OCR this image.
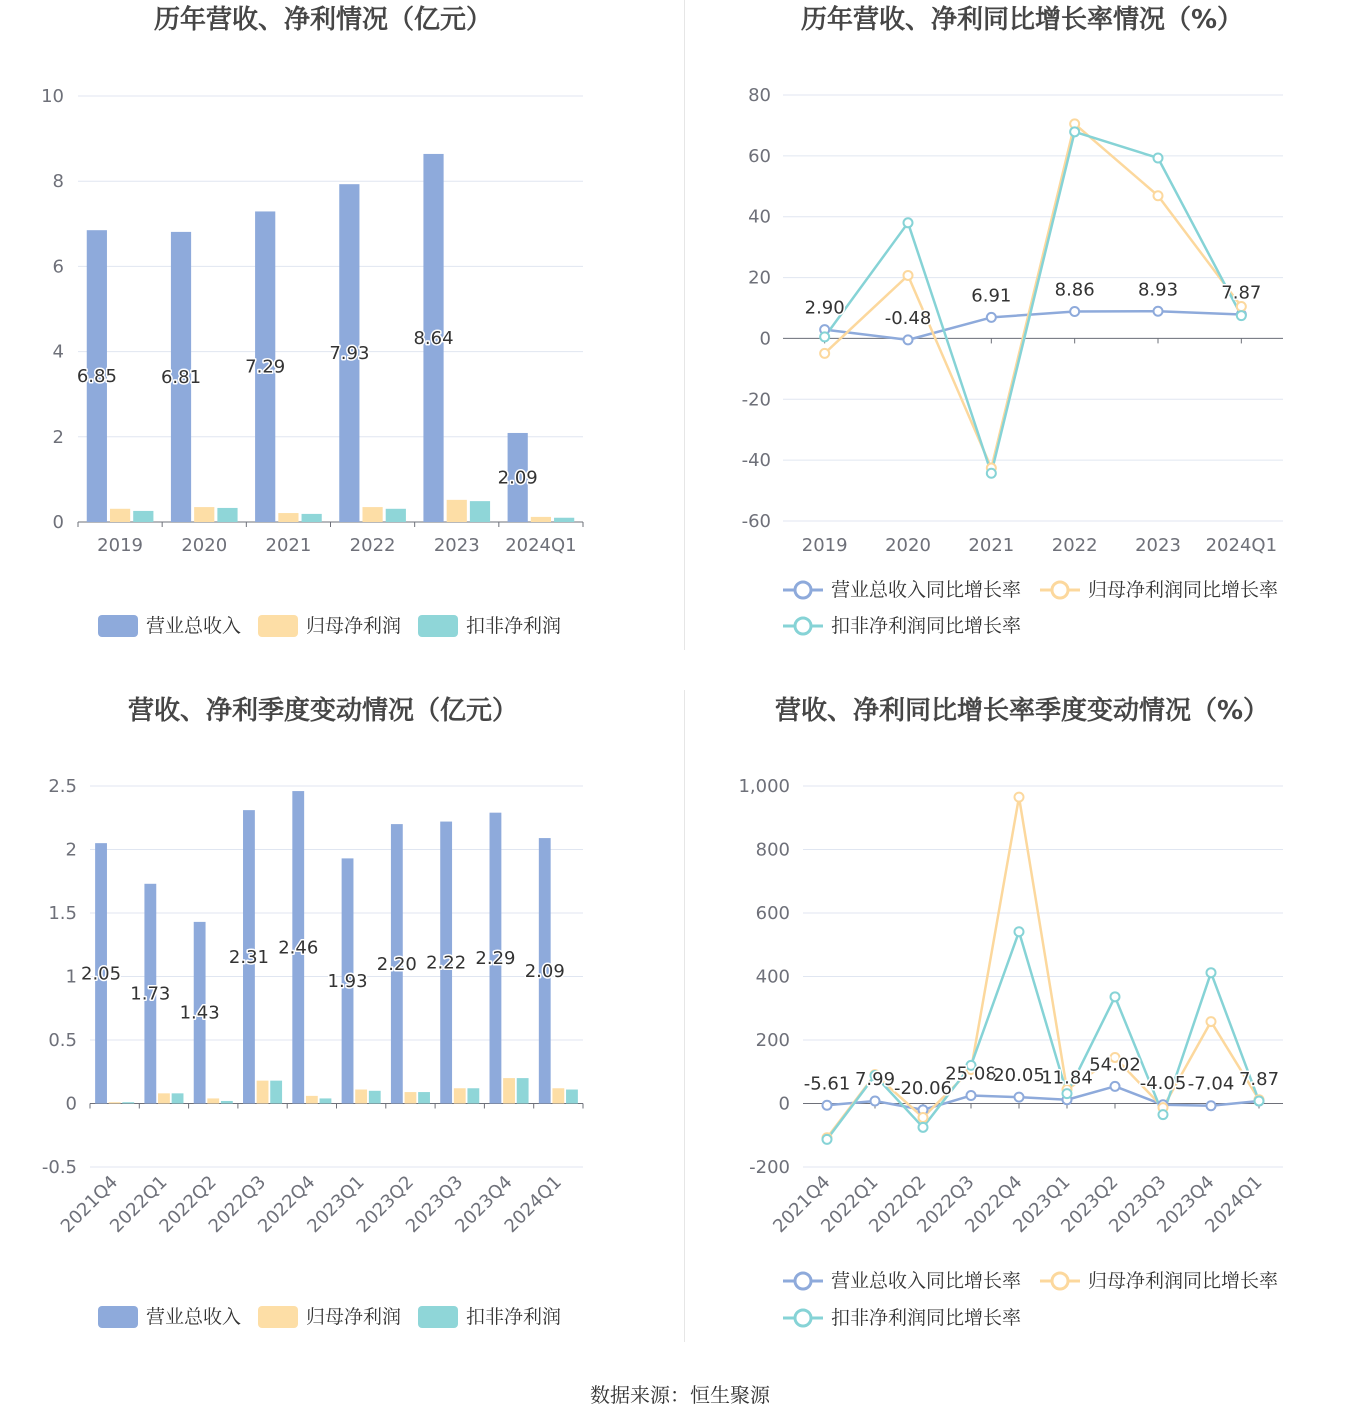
0
2
4
6
8
10
2019 2020 2021 2022 2023 2024Q1
6.85 6.81 7.29
7.93
8.64
2.09
-60
-40
-20
0
20
40
60
80
2019 2020 2021 2022 2023 2024Q1
2.90 -0.48
6.91 8.86 8.93 7.87
-0.5
0
0.5
1
1.5
2
2.5
2021Q4
2022Q1
2022Q2
2022Q3
2022Q4
2023Q1
2023Q2
2023Q3
2023Q4
2024Q1
2.05
1.73
1.43
2.31 2.46
1.93
2.20 2.22 2.29
2.09
-200
0
200
400
600
800
1,000
2021Q4
2022Q1
2022Q2
2022Q3
2022Q4
2023Q1
2023Q2
2023Q3
2023Q4
2024Q1
-5.61 7.99
-20.06
25.08
20.05
11.84
54.02
-4.05 -7.04 7.87
历年营收、净利情况（亿元）	历年营收、净利同比增长率情况（%）
营收、净利季度变动情况（亿元）	营收、净利同比增长率季度变动情况（%）
营业总收入	归母净利润	扣非净利润
营业总收入同比增长率	归母净利润同比增长率
扣非净利润同比增长率
营业总收入	归母净利润	扣非净利润
营业总收入同比增长率	归母净利润同比增长率
扣非净利润同比增长率
数据来源：恒生聚源
